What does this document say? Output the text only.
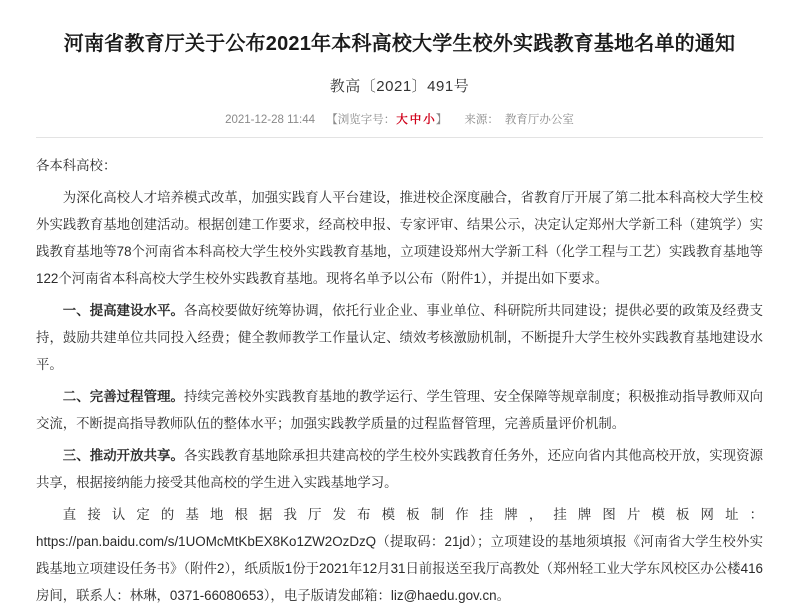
河南省教育厅关于公布2021年本科高校大学生校外实践教育基地名单的通知
教高〔2021〕491号
2021-12-28 11:44 【浏览字号：大 中 小】 来源： 教育厅办公室

各本科高校：

为深化高校人才培养模式改革，加强实践育人平台建设，推进校企深度融合，省教育厅开展了第二批本科高校大学生校外实践教育基地创建活动。根据创建工作要求，经高校申报、专家评审、结果公示，决定认定郑州大学新工科（建筑学）实践教育基地等78个河南省本科高校大学生校外实践教育基地，立项建设郑州大学新工科（化学工程与工艺）实践教育基地等122个河南省本科高校大学生校外实践教育基地。现将名单予以公布（附件1），并提出如下要求。

一、提高建设水平。各高校要做好统筹协调，依托行业企业、事业单位、科研院所共同建设；提供必要的政策及经费支持，鼓励共建单位共同投入经费；健全教师教学工作量认定、绩效考核激励机制，不断提升大学生校外实践教育基地建设水平。

二、完善过程管理。持续完善校外实践教育基地的教学运行、学生管理、安全保障等规章制度；积极推动指导教师双向交流，不断提高指导教师队伍的整体水平；加强实践教学质量的过程监督管理，完善质量评价机制。

三、推动开放共享。各实践教育基地除承担共建高校的学生校外实践教育任务外，还应向省内其他高校开放，实现资源共享，根据接纳能力接受其他高校的学生进入实践基地学习。

直接认定的基地根据我厅发布模板制作挂牌，挂牌图片模板网址：https://pan.baidu.com/s/1UOMcMtKbEX8Ko1ZW2OzDzQ（提取码：21jd）；立项建设的基地须填报《河南省大学生校外实践基地立项建设任务书》（附件2），纸质版1份于2021年12月31日前报送至我厅高教处（郑州轻工业大学东风校区办公楼416房间，联系人：林琳，0371-66080653），电子版请发邮箱：liz@haedu.gov.cn。
